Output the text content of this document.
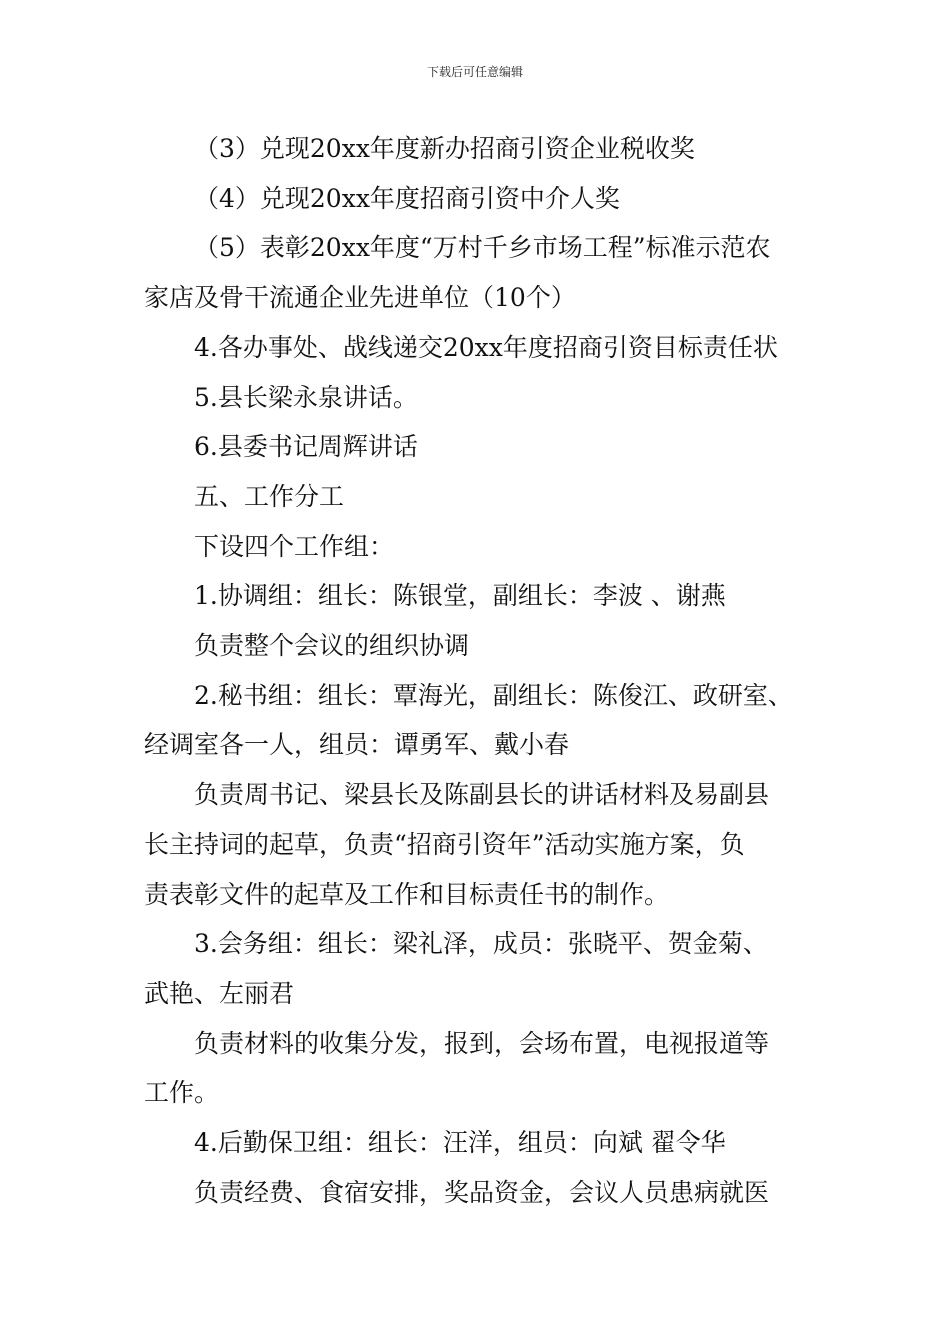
下载后可任意编辑

（3）兑现20xx年度新办招商引资企业税收奖

（4）兑现20xx年度招商引资中介人奖

（5）表彰20xx年度“万村千乡市场工程”标准示范农

家店及骨干流通企业先进单位（10个）

4.各办事处、战线递交20xx年度招商引资目标责任状

5.县长梁永泉讲话。

6.县委书记周辉讲话

五、工作分工

下设四个工作组：

1.协调组：组长：陈银堂，副组长：李波 、谢燕

负责整个会议的组织协调

2.秘书组：组长：覃海光，副组长：陈俊江、政研室、

经调室各一人，组员：谭勇军、戴小春

负责周书记、梁县长及陈副县长的讲话材料及易副县

长主持词的起草，负责“招商引资年”活动实施方案，负

责表彰文件的起草及工作和目标责任书的制作。

3.会务组：组长：梁礼泽，成员：张晓平、贺金菊、

武艳、左丽君

负责材料的收集分发，报到，会场布置，电视报道等

工作。

4.后勤保卫组：组长：汪洋，组员：向斌 翟令华

负责经费、食宿安排，奖品资金，会议人员患病就医
